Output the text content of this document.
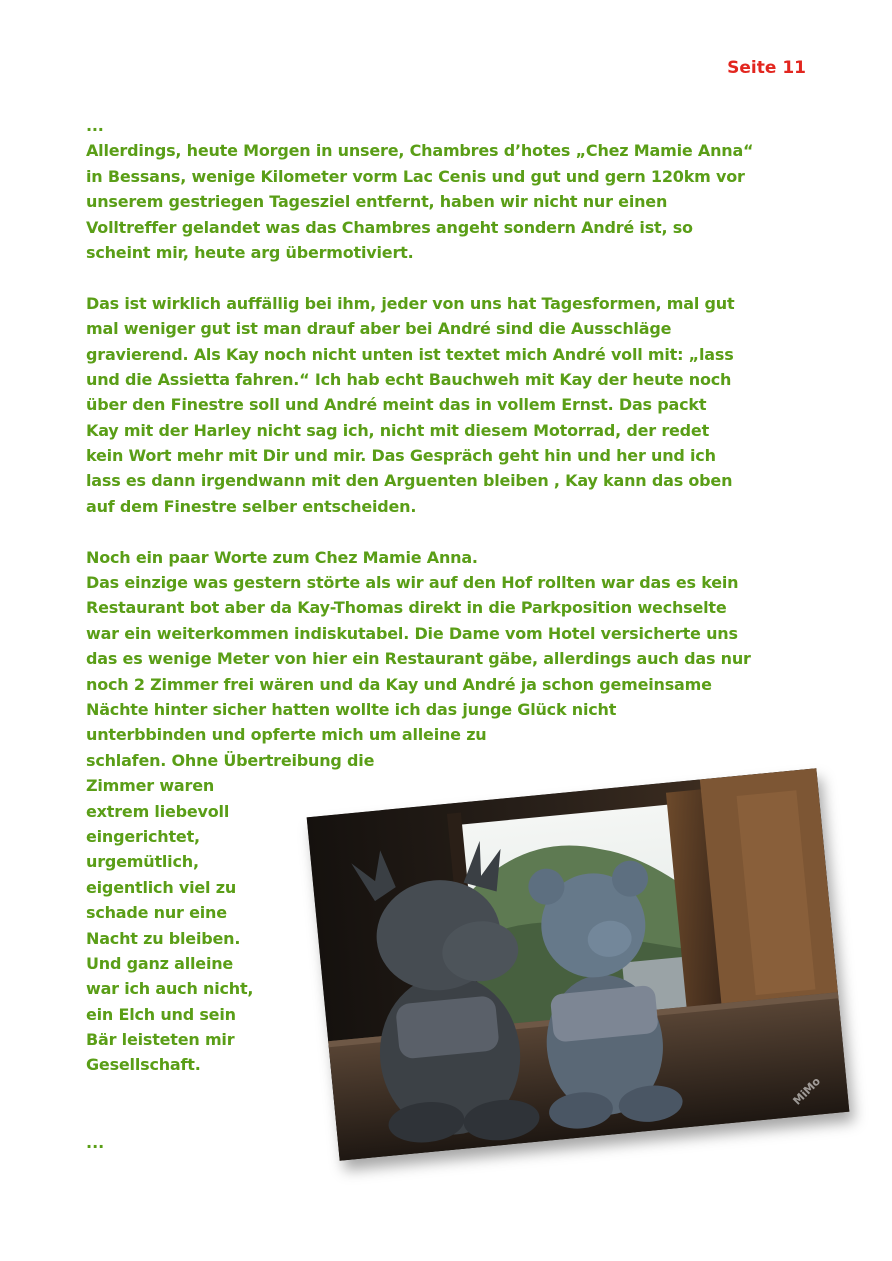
Seite 11
...
Allerdings, heute Morgen in unsere, Chambres d’hotes „Chez Mamie Anna“
in Bessans, wenige Kilometer vorm Lac Cenis und gut und gern 120km vor
unserem gestriegen Tagesziel entfernt, haben wir nicht nur einen
Volltreffer gelandet was das Chambres angeht sondern André ist, so
scheint mir, heute arg übermotiviert.
Das ist wirklich auffällig bei ihm, jeder von uns hat Tagesformen, mal gut
mal weniger gut ist man drauf aber bei André sind die Ausschläge
gravierend. Als Kay noch nicht unten ist textet mich André voll mit: „lass
und die Assietta fahren.“ Ich hab echt Bauchweh mit Kay der heute noch
über den Finestre soll und André meint das in vollem Ernst. Das packt
Kay mit der Harley nicht sag ich, nicht mit diesem Motorrad, der redet
kein Wort mehr mit Dir und mir. Das Gespräch geht hin und her und ich
lass es dann irgendwann mit den Arguenten bleiben , Kay kann das oben
auf dem Finestre selber entscheiden.
Noch ein paar Worte zum Chez Mamie Anna.
Das einzige was gestern störte als wir auf den Hof rollten war das es kein
Restaurant bot aber da Kay-Thomas direkt in die Parkposition wechselte
war ein weiterkommen indiskutabel. Die Dame vom Hotel versicherte uns
das es wenige Meter von hier ein Restaurant gäbe, allerdings auch das nur
noch 2 Zimmer frei wären und da Kay und André ja schon gemeinsame
Nächte hinter sicher hatten wollte ich das junge Glück nicht
unterbbinden und opferte mich um alleine zu
schlafen. Ohne Übertreibung die
Zimmer waren
extrem liebevoll
eingerichtet,
urgemütlich,
eigentlich viel zu
schade nur eine
Nacht zu bleiben.
Und ganz alleine
war ich auch nicht,
ein Elch und sein
Bär leisteten mir
Gesellschaft.
...
MiMo
